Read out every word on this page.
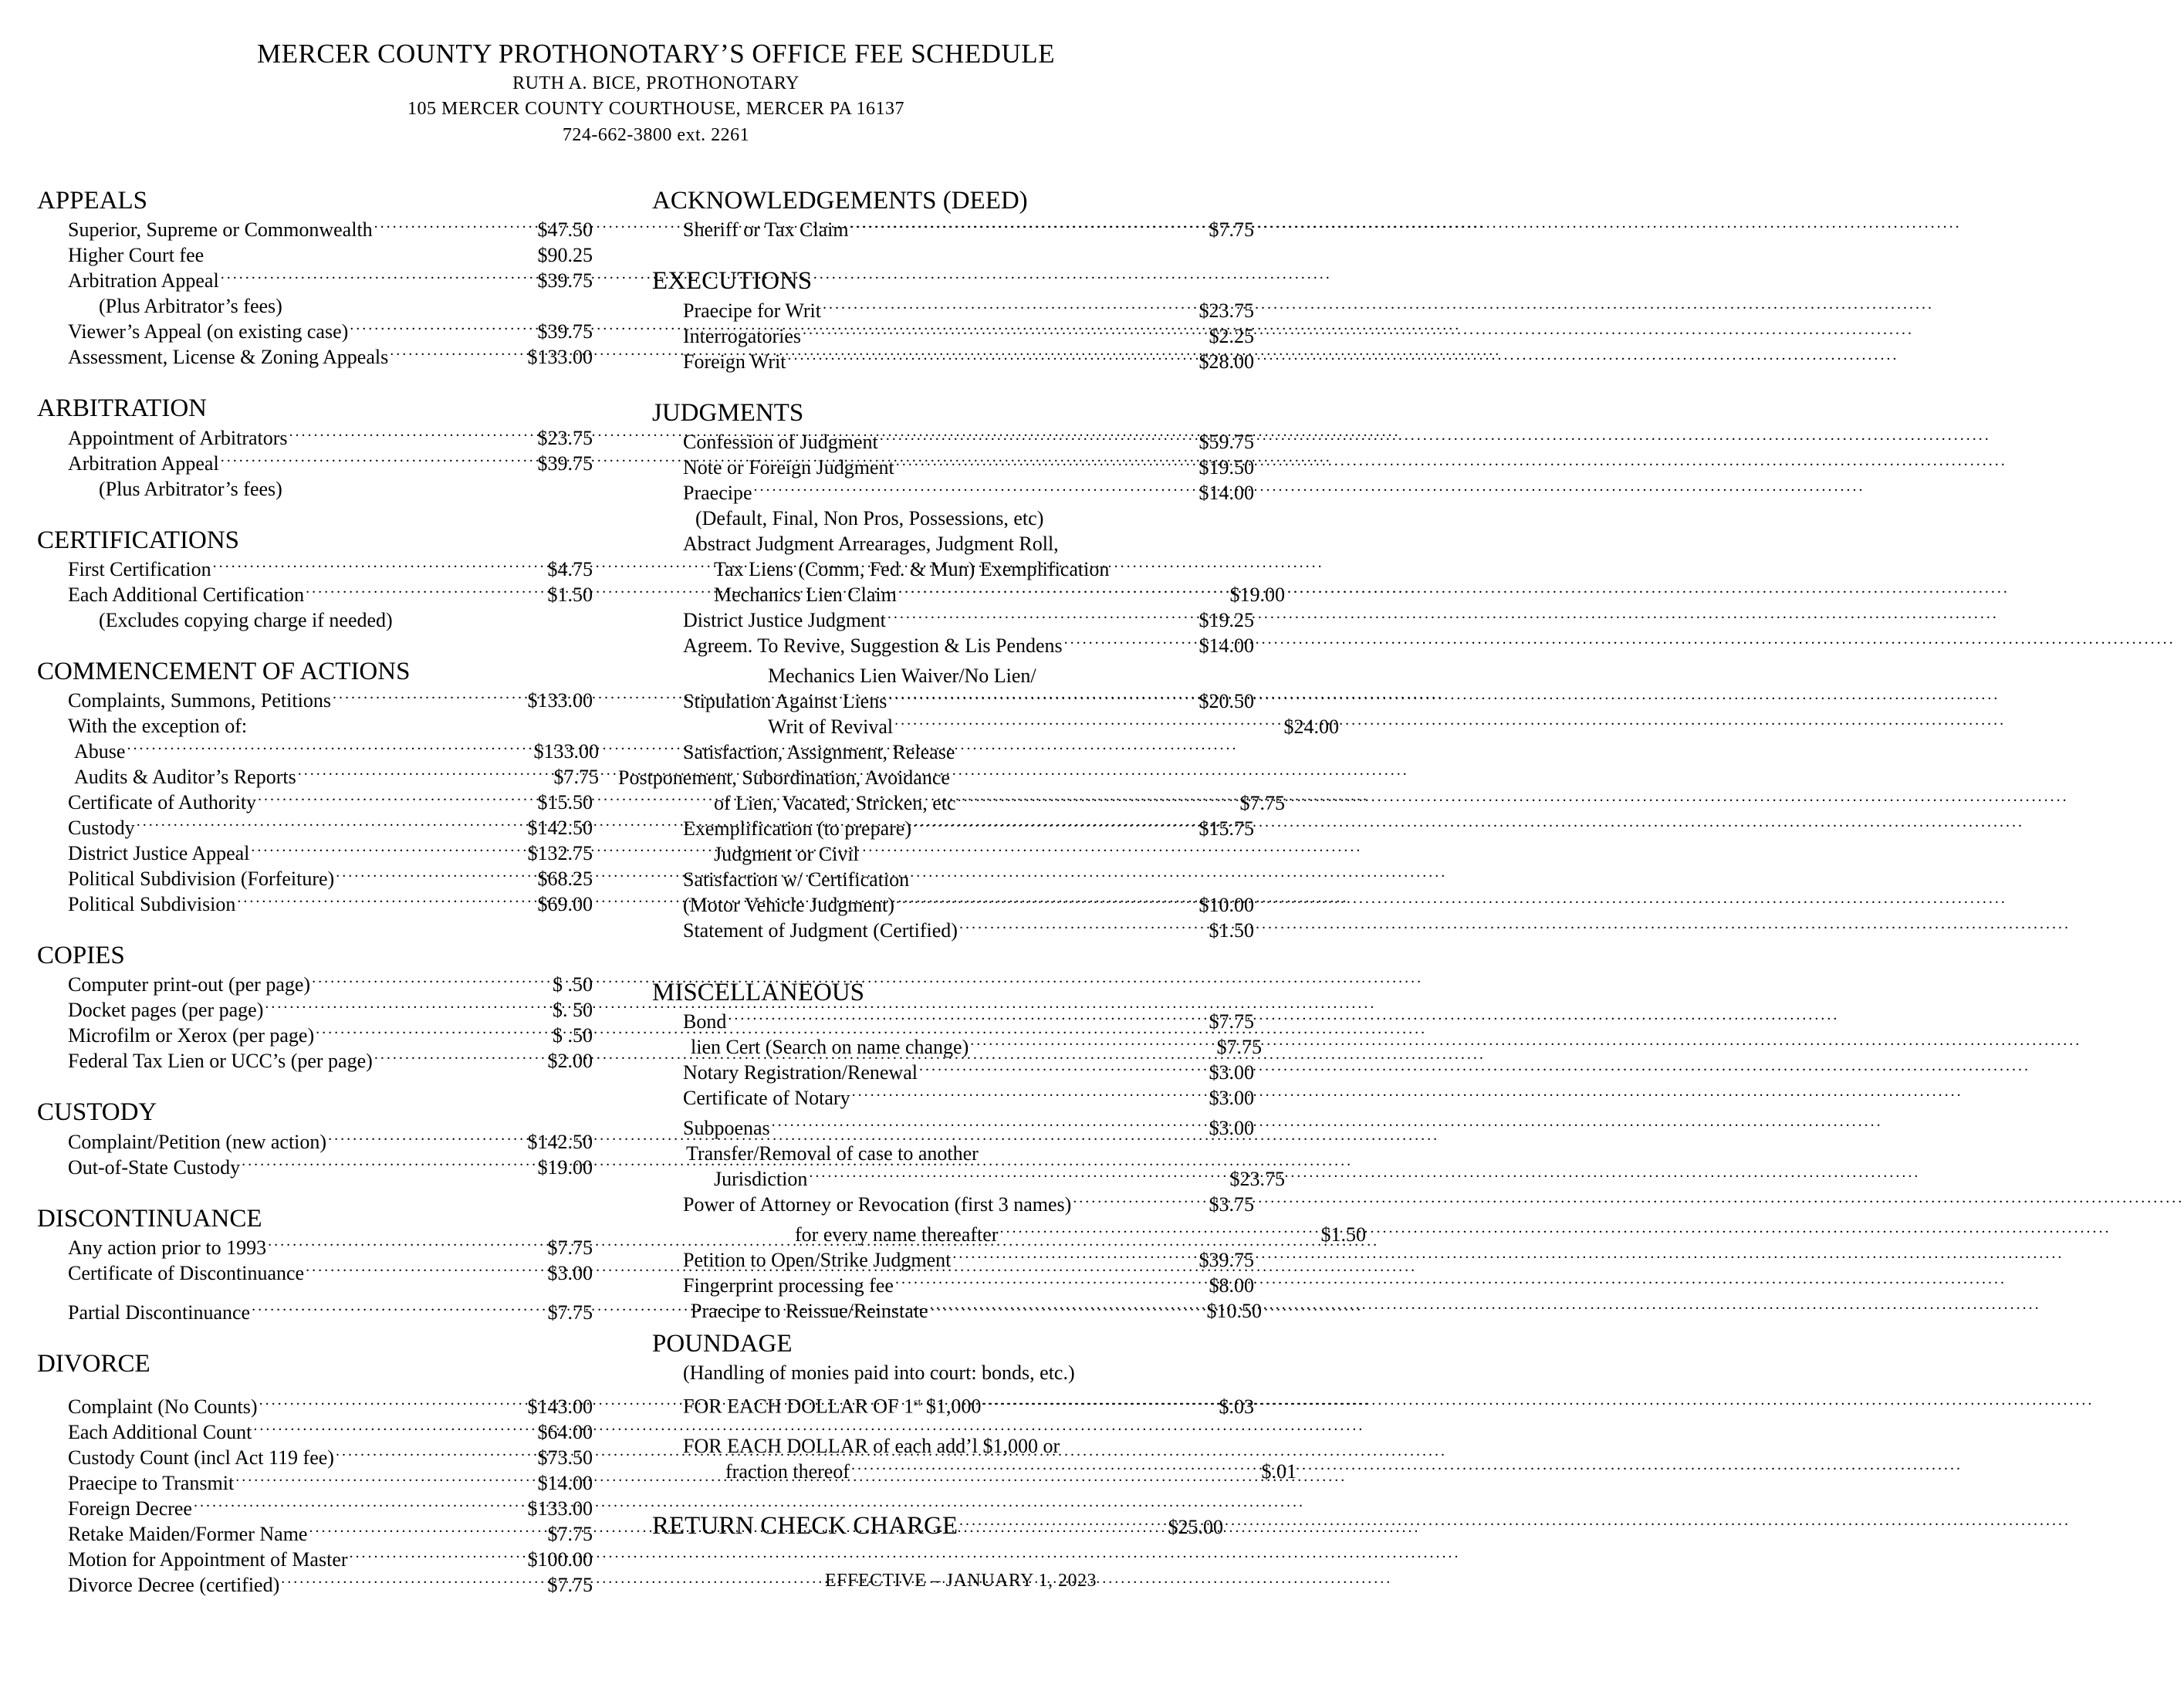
MERCER COUNTY PROTHONOTARY’S OFFICE FEE SCHEDULE
RUTH A. BICE, PROTHONOTARY
105 MERCER COUNTY COURTHOUSE, MERCER PA 16137
724-662-3800 ext. 2261
APPEALS
Superior, Supreme or Commonwealth .....	$47.50
Higher Court fee	$90.25
Arbitration Appeal .....	$39.75
(Plus Arbitrator’s fees)
Viewer’s Appeal (on existing case) .....	$39.75
Assessment, License & Zoning Appeals .....	$133.00
ARBITRATION
Appointment of Arbitrators .....	$23.75
Arbitration Appeal .....	$39.75
(Plus Arbitrator’s fees)
CERTIFICATIONS
First Certification .....	$4.75
Each Additional Certification .....	$1.50
(Excludes copying charge if needed)
COMMENCEMENT OF ACTIONS
Complaints, Summons, Petitions .....	$133.00
With the exception of:
Abuse .....	$133.00
Audits & Auditor’s Reports .....	$7.75
Certificate of Authority .....	$15.50
Custody .....	$142.50
District Justice Appeal .....	$132.75
Political Subdivision (Forfeiture) .....	$68.25
Political Subdivision .....	$69.00
COPIES
Computer print-out (per page) .....	$ .50
Docket pages (per page) .....	$. 50
Microfilm or Xerox (per page) .....	$ .50
Federal Tax Lien or UCC’s (per page) .....	$2.00
CUSTODY
Complaint/Petition (new action) .....	$142.50
Out-of-State Custody .....	$19.00
DISCONTINUANCE
Any action prior to 1993 .....	$7.75
Certificate of Discontinuance .....	$3.00
Partial Discontinuance .....	$7.75
DIVORCE
Complaint (No Counts) .....	$143.00
Each Additional Count .....	$64.00
Custody Count (incl Act 119 fee) .....	$73.50
Praecipe to Transmit .....	$14.00
Foreign Decree .....	$133.00
Retake Maiden/Former Name .....	$7.75
Motion for Appointment of Master .....	$100.00
Divorce Decree (certified) .....	$7.75
ACKNOWLEDGEMENTS (DEED)
Sheriff or Tax Claim .....	$7.75
EXECUTIONS
Praecipe for Writ .....	$23.75
Interrogatories .....	$2.25
Foreign Writ .....	$28.00
JUDGMENTS
Confession of Judgment .....	$59.75
Note or Foreign Judgment .....	$19.50
Praecipe .....	$14.00
(Default, Final, Non Pros, Possessions, etc)
Abstract Judgment Arrearages, Judgment Roll,
Tax Liens (Comm, Fed. & Mun) Exemplification
Mechanics Lien Claim .....	$19.00
District Justice Judgment .....	$19.25
Agreem. To Revive, Suggestion & Lis Pendens .....	$14.00
Mechanics Lien Waiver/No Lien/
Stipulation Against Liens .....	$20.50
Writ of Revival .....	$24.00
Satisfaction, Assignment, Release
Postponement, Subordination, Avoidance
of Lien, Vacated, Stricken, etc .....	$7.75
Exemplification (to prepare) .....	$15.75
Judgment or Civil
Satisfaction w/ Certification
(Motor Vehicle Judgment) .....	$10.00
Statement of Judgment (Certified) .....	$1.50
MISCELLANEOUS
Bond .....	$7.75
lien Cert (Search on name change) .....	$7.75
Notary Registration/Renewal .....	$3.00
Certificate of Notary .....	$3.00
Subpoenas .....	$3.00
Transfer/Removal of case to another
Jurisdiction .....	$23.75
Power of Attorney or Revocation (first 3 names) .....	$3.75
for every name thereafter .....	$1.50
Petition to Open/Strike Judgment .....	$39.75
Fingerprint processing fee .....	$8.00
Praecipe to Reissue/Reinstate .....	$10.50
POUNDAGE
(Handling of monies paid into court: bonds, etc.)
FOR EACH DOLLAR OF 1st $1,000 .....	$.03
FOR EACH DOLLAR of each add’l $1,000 or
fraction thereof .....	$.01
RETURN CHECK CHARGE .....	$25.00
EFFECTIVE – JANUARY 1, 2023
